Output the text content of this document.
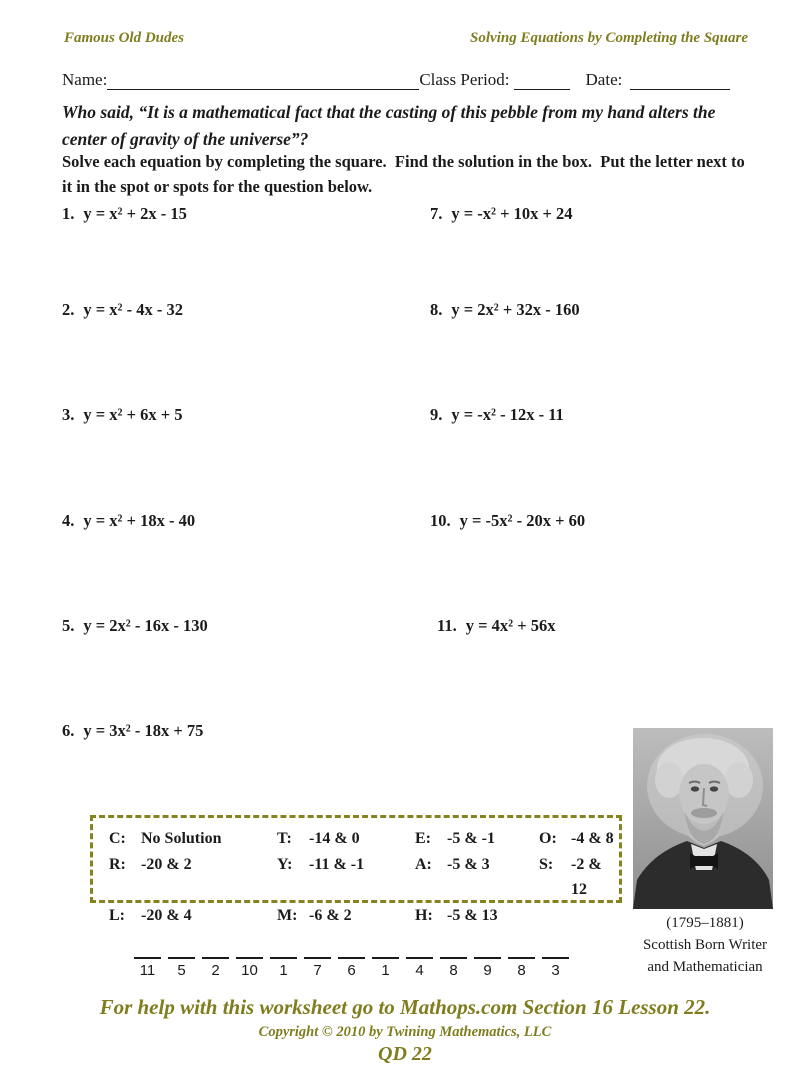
Famous Old Dudes	Solving Equations by Completing the Square
Name:	Class Period:	Date:
Who said, “It is a mathematical fact that the casting of this pebble from my hand alters the center of gravity of the universe”?
Solve each equation by completing the square.  Find the solution in the box.  Put the letter next to it in the spot or spots for the question below.
1. y = x² + 2x - 15
2. y = x² - 4x - 32
3. y = x² + 6x + 5
4. y = x² + 18x - 40
5. y = 2x² - 16x - 130
6. y = 3x² - 18x + 75
7. y = -x² + 10x + 24
8. y = 2x² + 32x - 160
9. y = -x² - 12x - 11
10. y = -5x² - 20x + 60
11. y = 4x² + 56x
C: No Solution	T:	-14 & 0	E:	-5 & -1	O: -4 & 8
R: -20 & 2	Y:	-11 & -1	A: -5 & 3	S:	-2 & 12
L:	-20 & 4	M: -6 & 2	H: -5 & 13	(1795–1881)
Scottish Born Writer
and Mathematician
11	5	2	10	1	7	6	1	4	8	9	8	3
For help with this worksheet go to Mathops.com Section 16 Lesson 22.
Copyright © 2010 by Twining Mathematics, LLC
QD 22
